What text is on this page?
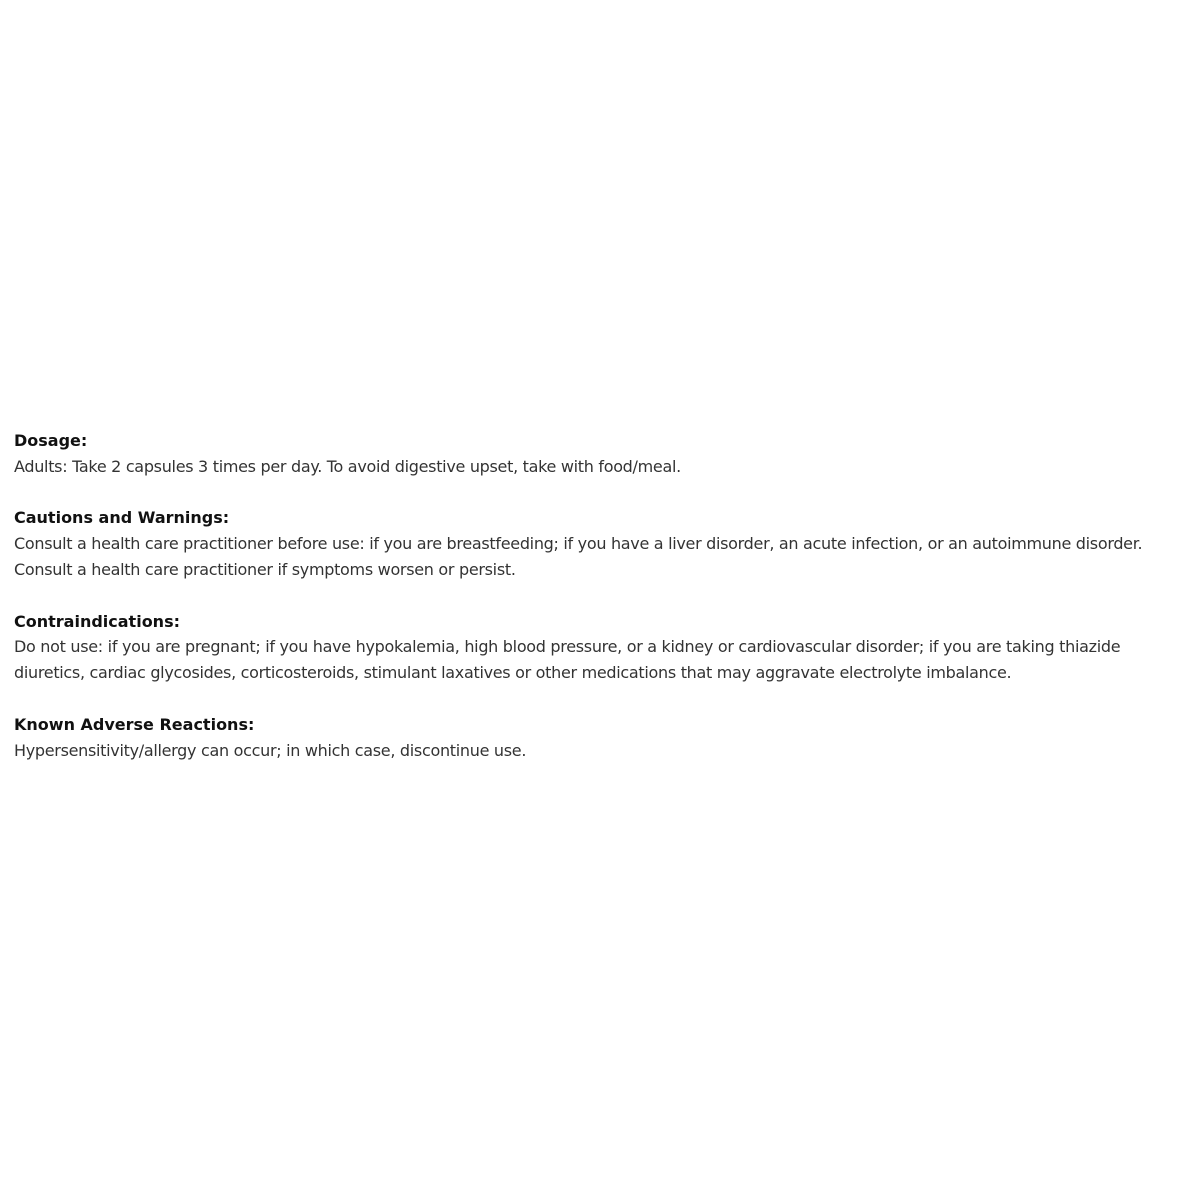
Dosage:
Adults: Take 2 capsules 3 times per day. To avoid digestive upset, take with food/meal.
Cautions and Warnings:
Consult a health care practitioner before use: if you are breastfeeding; if you have a liver disorder, an acute infection, or an autoimmune disorder. Consult a health care practitioner if symptoms worsen or persist.
Contraindications:
Do not use: if you are pregnant; if you have hypokalemia, high blood pressure, or a kidney or cardiovascular disorder; if you are taking thiazide diuretics, cardiac glycosides, corticosteroids, stimulant laxatives or other medications that may aggravate electrolyte imbalance.
Known Adverse Reactions:
Hypersensitivity/allergy can occur; in which case, discontinue use.
